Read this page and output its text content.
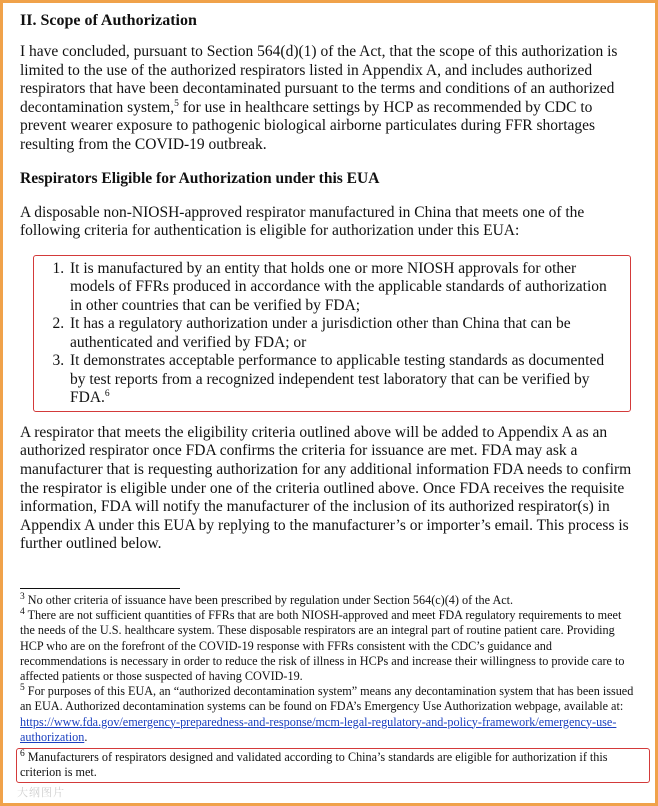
II. Scope of Authorization

I have concluded, pursuant to Section 564(d)(1) of the Act, that the scope of this authorization is limited to the use of the authorized respirators listed in Appendix A, and includes authorized respirators that have been decontaminated pursuant to the terms and conditions of an authorized decontamination system,$^5$ for use in healthcare settings by HCP as recommended by CDC to prevent wearer exposure to pathogenic biological airborne particulates during FFR shortages resulting from the COVID-19 outbreak.

Respirators Eligible for Authorization under this EUA

A disposable non-NIOSH-approved respirator manufactured in China that meets one of the following criteria for authentication is eligible for authorization under this EUA:

1. It is manufactured by an entity that holds one or more NIOSH approvals for other models of FFRs produced in accordance with the applicable standards of authorization in other countries that can be verified by FDA;
2. It has a regulatory authorization under a jurisdiction other than China that can be authenticated and verified by FDA; or
3. It demonstrates acceptable performance to applicable testing standards as documented by test reports from a recognized independent test laboratory that can be verified by FDA.$^6$

A respirator that meets the eligibility criteria outlined above will be added to Appendix A as an authorized respirator once FDA confirms the criteria for issuance are met. FDA may ask a manufacturer that is requesting authorization for any additional information FDA needs to confirm the respirator is eligible under one of the criteria outlined above. Once FDA receives the requisite information, FDA will notify the manufacturer of the inclusion of its authorized respirator(s) in Appendix A under this EUA by replying to the manufacturer’s or importer’s email. This process is further outlined below.

$^3$ No other criteria of issuance have been prescribed by regulation under Section 564(c)(4) of the Act.

$^4$ There are not sufficient quantities of FFRs that are both NIOSH-approved and meet FDA regulatory requirements to meet the needs of the U.S. healthcare system. These disposable respirators are an integral part of routine patient care. Providing HCP who are on the forefront of the COVID-19 response with FFRs consistent with the CDC’s guidance and recommendations is necessary in order to reduce the risk of illness in HCPs and increase their willingness to provide care to affected patients or those suspected of having COVID-19.

$^5$ For purposes of this EUA, an “authorized decontamination system” means any decontamination system that has been issued an EUA. Authorized decontamination systems can be found on FDA’s Emergency Use Authorization webpage, available at: https://www.fda.gov/emergency-preparedness-and-response/mcm-legal-regulatory-and-policy-framework/emergency-use-authorization.

$^6$ Manufacturers of respirators designed and validated according to China’s standards are eligible for authorization if this criterion is met.

大纲图片
